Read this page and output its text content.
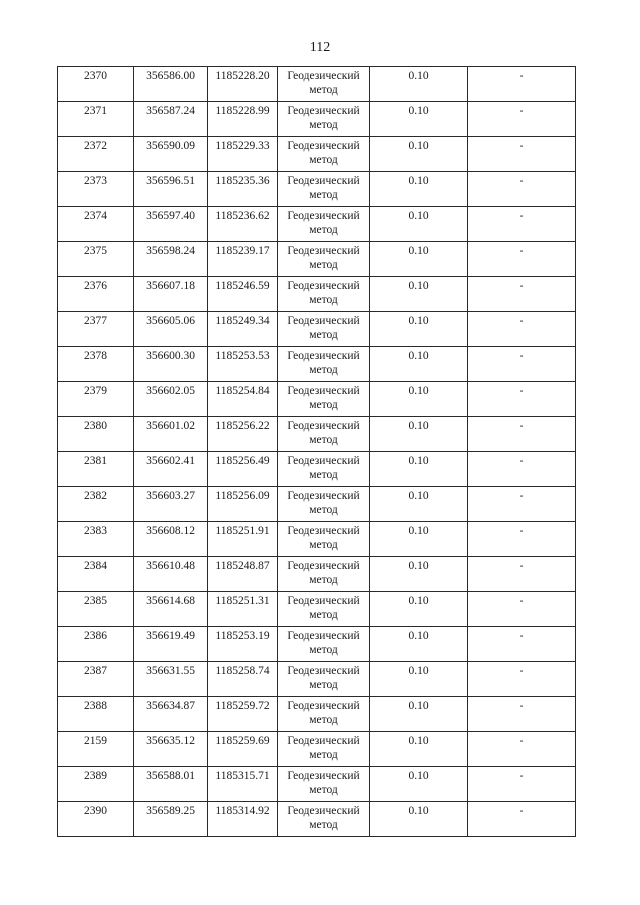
112
2370	356586.00	1185228.20	Геодезический метод	0.10	-
2371	356587.24	1185228.99	Геодезический метод	0.10	-
2372	356590.09	1185229.33	Геодезический метод	0.10	-
2373	356596.51	1185235.36	Геодезический метод	0.10	-
2374	356597.40	1185236.62	Геодезический метод	0.10	-
2375	356598.24	1185239.17	Геодезический метод	0.10	-
2376	356607.18	1185246.59	Геодезический метод	0.10	-
2377	356605.06	1185249.34	Геодезический метод	0.10	-
2378	356600.30	1185253.53	Геодезический метод	0.10	-
2379	356602.05	1185254.84	Геодезический метод	0.10	-
2380	356601.02	1185256.22	Геодезический метод	0.10	-
2381	356602.41	1185256.49	Геодезический метод	0.10	-
2382	356603.27	1185256.09	Геодезический метод	0.10	-
2383	356608.12	1185251.91	Геодезический метод	0.10	-
2384	356610.48	1185248.87	Геодезический метод	0.10	-
2385	356614.68	1185251.31	Геодезический метод	0.10	-
2386	356619.49	1185253.19	Геодезический метод	0.10	-
2387	356631.55	1185258.74	Геодезический метод	0.10	-
2388	356634.87	1185259.72	Геодезический метод	0.10	-
2159	356635.12	1185259.69	Геодезический метод	0.10	-
2389	356588.01	1185315.71	Геодезический метод	0.10	-
2390	356589.25	1185314.92	Геодезический метод	0.10	-
